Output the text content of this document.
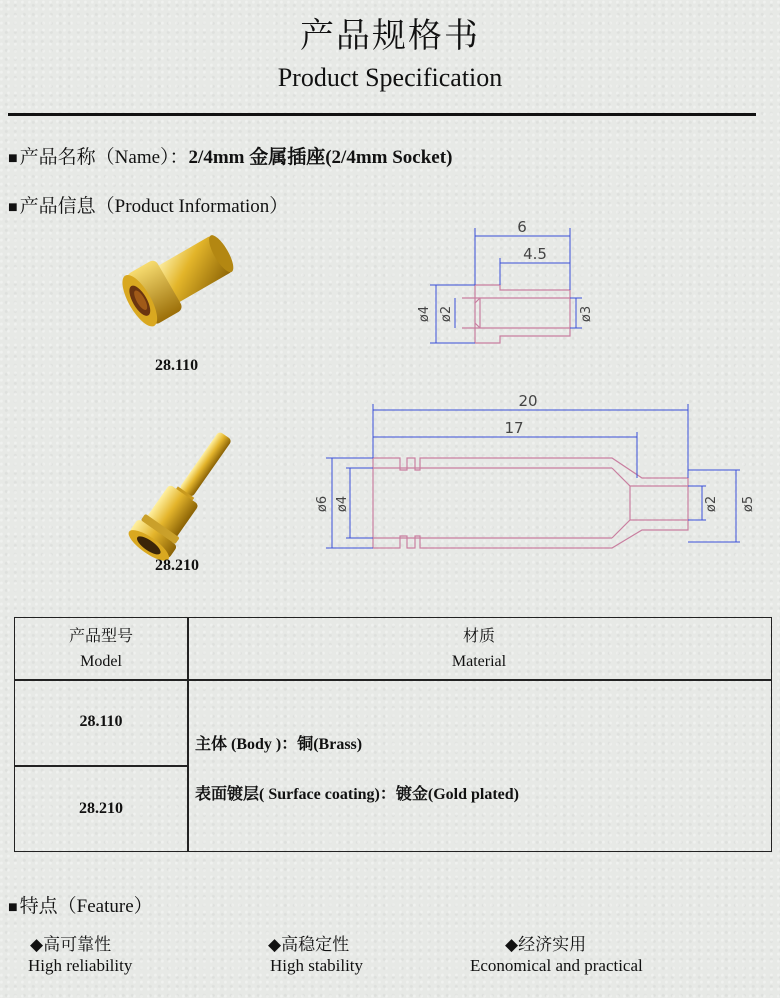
产品规格书
Product Specification
■ 产品名称（Name）：2/4mm 金属插座(2/4mm Socket)
■ 产品信息（Product Information）
28.110
28.210
6
4.5
ø4 ø2	ø3
20
17
ø6 ø4	ø2 ø5
产品型号
Model
材质
Material
28.110
28.210
主体 (Body )：铜(Brass)
表面镀层( Surface coating)：镀金(Gold plated)
■ 特点（Feature）
◆高可靠性
High reliability
◆高稳定性
High stability
◆经济实用
Economical and practical
